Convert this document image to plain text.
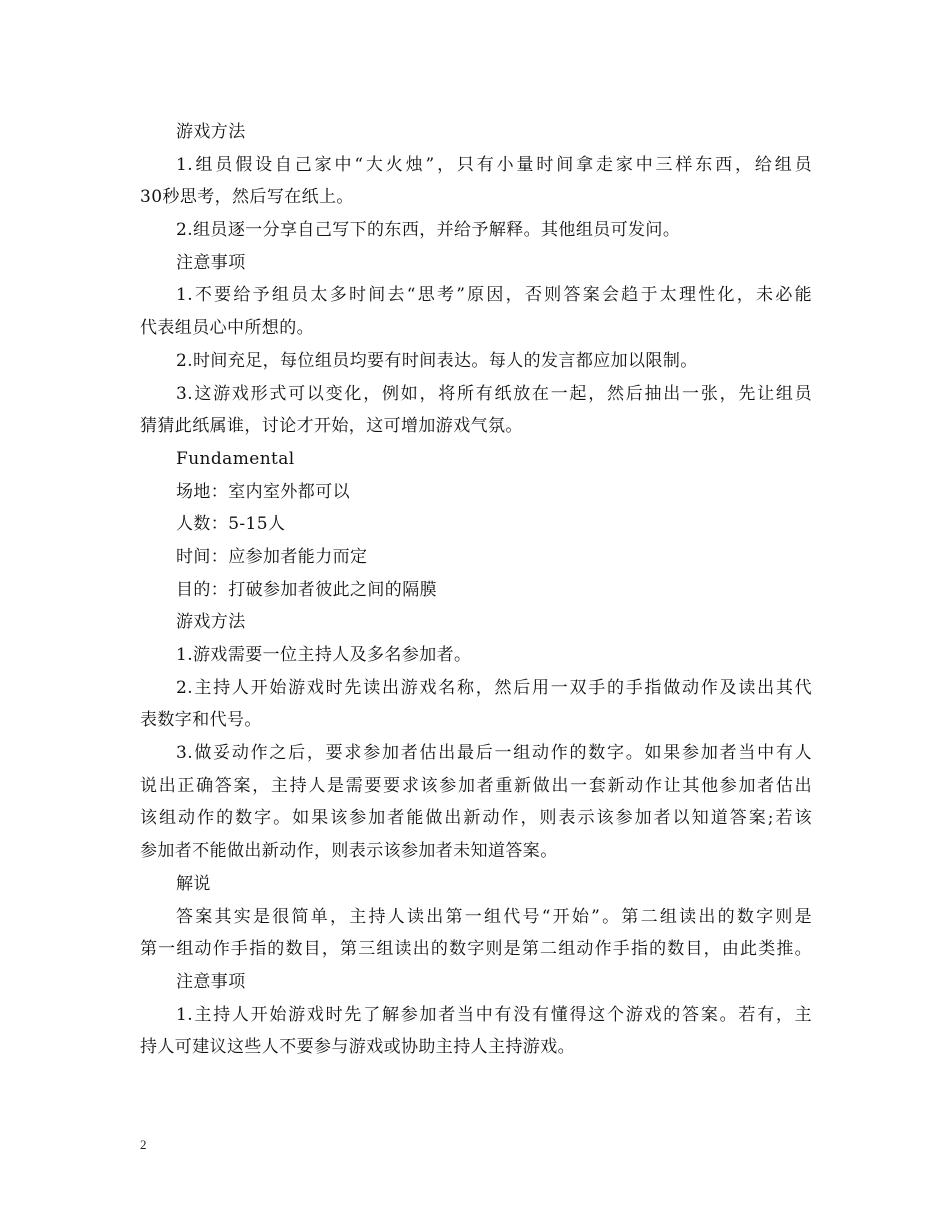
游戏方法

1.组员假设自己家中“大火烛”，只有小量时间拿走家中三样东西，给组员

30秒思考，然后写在纸上。

2.组员逐一分享自己写下的东西，并给予解释。其他组员可发问。

注意事项

1.不要给予组员太多时间去“思考”原因，否则答案会趋于太理性化，未必能

代表组员心中所想的。

2.时间充足，每位组员均要有时间表达。每人的发言都应加以限制。

3.这游戏形式可以变化，例如，将所有纸放在一起，然后抽出一张，先让组员

猜猜此纸属谁，讨论才开始，这可增加游戏气氛。

Fundamental

场地：室内室外都可以

人数：5-15人

时间：应参加者能力而定

目的：打破参加者彼此之间的隔膜

游戏方法

1.游戏需要一位主持人及多名参加者。

2.主持人开始游戏时先读出游戏名称，然后用一双手的手指做动作及读出其代

表数字和代号。

3.做妥动作之后，要求参加者估出最后一组动作的数字。如果参加者当中有人

说出正确答案，主持人是需要要求该参加者重新做出一套新动作让其他参加者估出

该组动作的数字。如果该参加者能做出新动作，则表示该参加者以知道答案;若该

参加者不能做出新动作，则表示该参加者未知道答案。

解说

答案其实是很简单，主持人读出第一组代号“开始”。第二组读出的数字则是

第一组动作手指的数目，第三组读出的数字则是第二组动作手指的数目，由此类推。

注意事项

1.主持人开始游戏时先了解参加者当中有没有懂得这个游戏的答案。若有，主

持人可建议这些人不要参与游戏或协助主持人主持游戏。

2
